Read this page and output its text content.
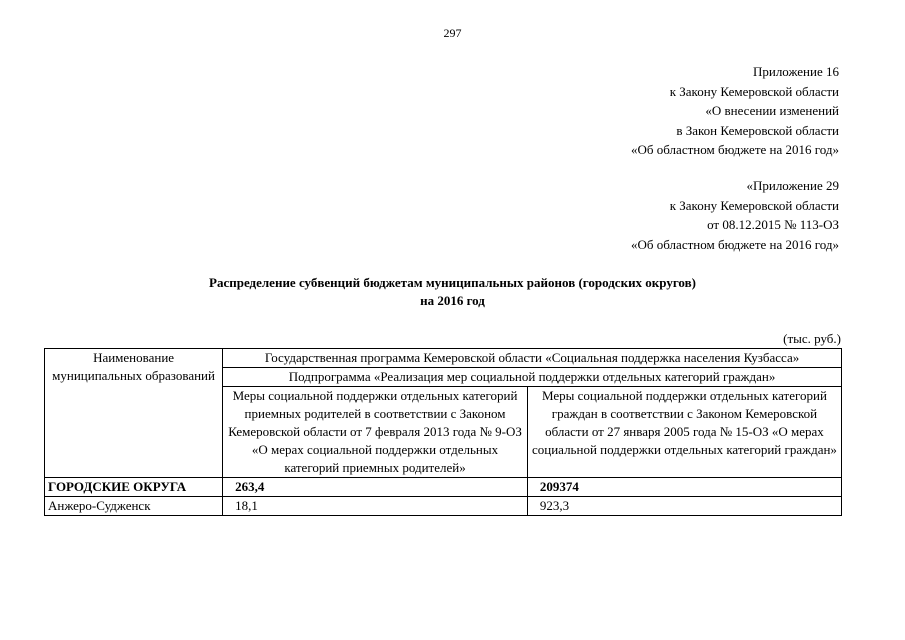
297
Приложение 16
к Закону Кемеровской области
«О внесении изменений
в Закон Кемеровской области
«Об областном бюджете на 2016 год»
«Приложение 29
к Закону Кемеровской области
от 08.12.2015 № 113-ОЗ
«Об областном бюджете на 2016 год»
Распределение субвенций бюджетам муниципальных районов (городских округов)
на 2016 год
(тыс. руб.)
Наименование муниципальных образований	Государственная программа Кемеровской области «Социальная поддержка населения Кузбасса»	
	Подпрограмма «Реализация мер социальной поддержки отдельных категорий граждан»	
	Меры социальной поддержки отдельных категорий приемных родителей в соответствии с Законом Кемеровской области от 7 февраля 2013 года № 9-ОЗ «О мерах социальной поддержки отдельных категорий приемных родителей»	Меры социальной поддержки отдельных категорий граждан в соответствии с Законом Кемеровской области от 27 января 2005 года № 15-ОЗ «О мерах социальной поддержки отдельных категорий граждан»
ГОРОДСКИЕ ОКРУГА	263,4	209374
Анжеро-Судженск	18,1	923,3
